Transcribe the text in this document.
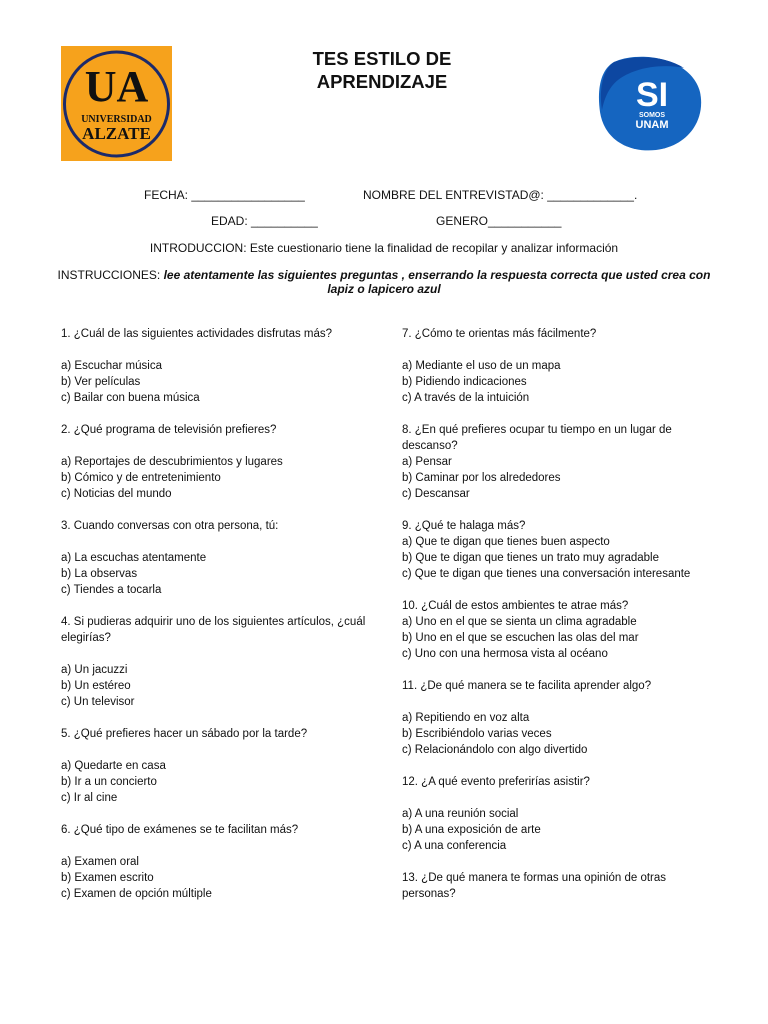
UA
UNIVERSIDAD
ALZATE
TES ESTILO DE
APRENDIZAJE	SI
SOMOS
UNAM
FECHA: _________________	NOMBRE DEL ENTREVISTAD@: _____________.
EDAD: __________	GENERO___________
INTRODUCCION: Este cuestionario tiene la finalidad de recopilar y analizar información
INSTRUCCIONES: lee atentamente las siguientes preguntas , enserrando la respuesta correcta que usted crea con
lapiz o lapicero azul
1. ¿Cuál de las siguientes actividades disfrutas más?
a) Escuchar música
b) Ver películas
c) Bailar con buena música
2. ¿Qué programa de televisión prefieres?
a) Reportajes de descubrimientos y lugares
b) Cómico y de entretenimiento
c) Noticias del mundo
3. Cuando conversas con otra persona, tú:
a) La escuchas atentamente
b) La observas
c) Tiendes a tocarla
4. Si pudieras adquirir uno de los siguientes artículos, ¿cuál
elegirías?
a) Un jacuzzi
b) Un estéreo
c) Un televisor
5. ¿Qué prefieres hacer un sábado por la tarde?
a) Quedarte en casa
b) Ir a un concierto
c) Ir al cine
6. ¿Qué tipo de exámenes se te facilitan más?
a) Examen oral
b) Examen escrito
c) Examen de opción múltiple
7. ¿Cómo te orientas más fácilmente?
a) Mediante el uso de un mapa
b) Pidiendo indicaciones
c) A través de la intuición
8. ¿En qué prefieres ocupar tu tiempo en un lugar de
descanso?
a) Pensar
b) Caminar por los alrededores
c) Descansar
9. ¿Qué te halaga más?
a) Que te digan que tienes buen aspecto
b) Que te digan que tienes un trato muy agradable
c) Que te digan que tienes una conversación interesante
10. ¿Cuál de estos ambientes te atrae más?
a) Uno en el que se sienta un clima agradable
b) Uno en el que se escuchen las olas del mar
c) Uno con una hermosa vista al océano
11. ¿De qué manera se te facilita aprender algo?
a) Repitiendo en voz alta
b) Escribiéndolo varias veces
c) Relacionándolo con algo divertido
12. ¿A qué evento preferirías asistir?
a) A una reunión social
b) A una exposición de arte
c) A una conferencia
13. ¿De qué manera te formas una opinión de otras
personas?
